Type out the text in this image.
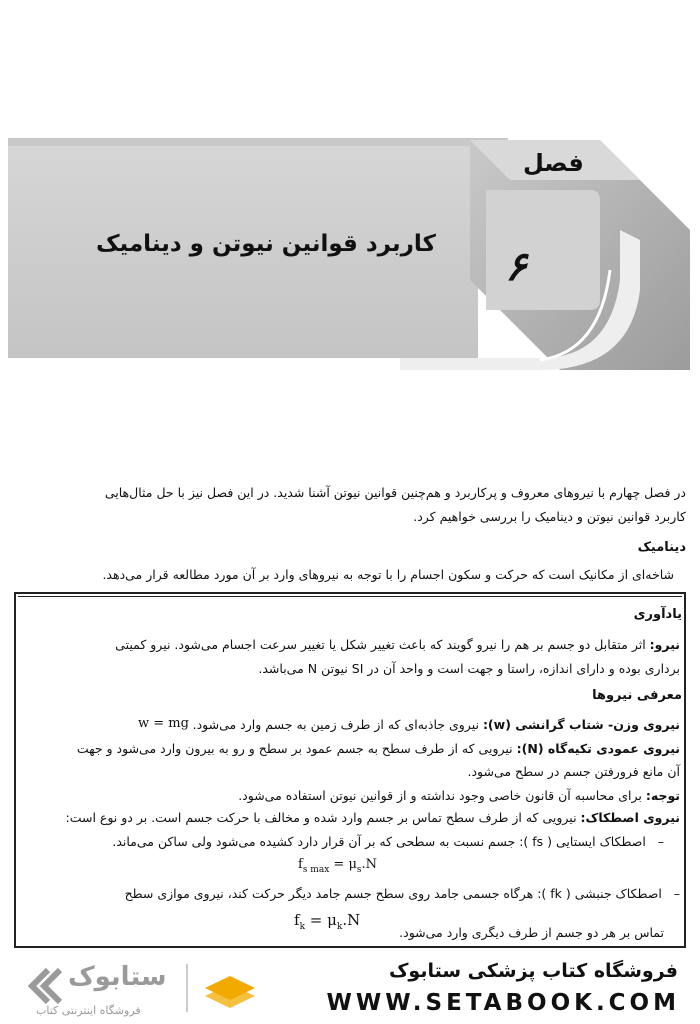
فصل
۶
کاربرد قوانین نیوتن و دینامیک
در فصل چهارم با نیروهای معروف و پرکاربرد و هم‌چنین قوانین نیوتن آشنا شدید. در این فصل نیز با حل مثال‌هایی
کاربرد قوانین نیوتن و دینامیک را بررسی خواهیم کرد.
دینامیک
شاخه‌ای از مکانیک است که حرکت و سکون اجسام را با توجه به نیروهای وارد بر آن مورد مطالعه قرار می‌دهد.
یادآوری
نیرو: اثر متقابل دو جسم بر هم را نیرو گویند که باعث تغییر شکل یا تغییر سرعت اجسام می‌شود. نیرو کمیتی
برداری بوده و دارای اندازه، راستا و جهت است و واحد آن در SI نیوتن N می‌باشد.
معرفی نیروها
نیروی وزن- شتاب گرانشی (w): نیروی جاذبه‌ای که از طرف زمین به جسم وارد می‌شود.
w = mg
نیروی عمودی تکیه‌گاه (N): نیرویی که از طرف سطح به جسم عمود بر سطح و رو به بیرون وارد می‌شود و جهت
آن مانع فرورفتن جسم در سطح می‌شود.
توجه: برای محاسبه آن قانون خاصی وجود نداشته و از قوانین نیوتن استفاده می‌شود.
نیروی اصطکاک: نیرویی که از طرف سطح تماس بر جسم وارد شده و مخالف با حرکت جسم است. بر دو نوع است:
–   اصطکاک ایستایی ( fs ): جسم نسبت به سطحی که بر آن قرار دارد کشیده می‌شود ولی ساکن می‌ماند.
$f_{s max} = \mu_s.N$
–   اصطکاک جنبشی ( fk ): هرگاه جسمی جامد روی سطح جسم جامد دیگر حرکت کند، نیروی موازی سطح
$f_k = \mu_k.N$
تماس بر هر دو جسم از طرف دیگری وارد می‌شود.
فروشگاه کتاب پزشکی ستابوک
WWW.SETABOOK.COM
ستابوک
فروشگاه اینترنتی کتاب
